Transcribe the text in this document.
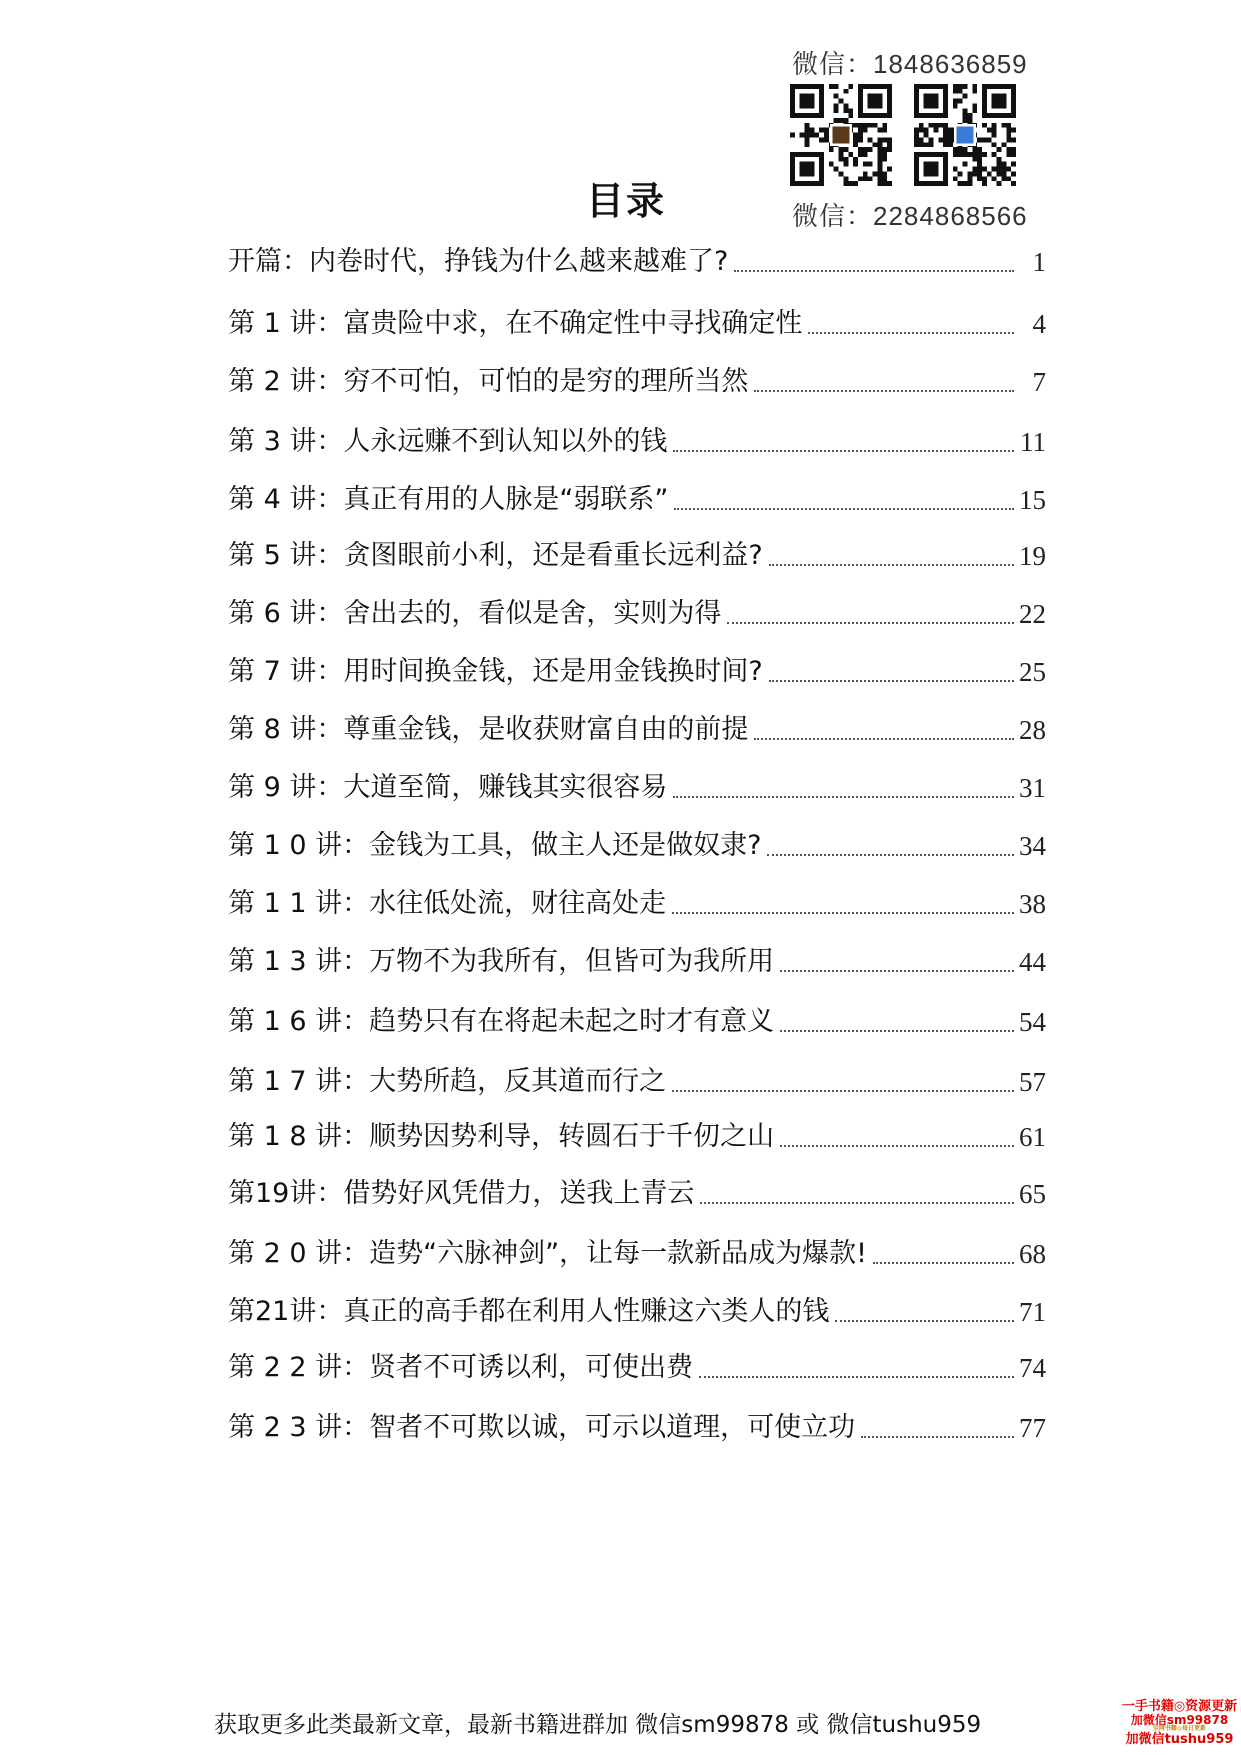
微信：1848636859
微信：2284868566
目录
开篇：内卷时代，挣钱为什么越来越难了?	1
第 1 讲：富贵险中求，在不确定性中寻找确定性	4
第 2 讲：穷不可怕，可怕的是穷的理所当然	7
第 3 讲：人永远赚不到认知以外的钱	11
第 4 讲：真正有用的人脉是“弱联系”	15
第 5 讲：贪图眼前小利，还是看重长远利益?	19
第 6 讲：舍出去的，看似是舍，实则为得	22
第 7 讲：用时间换金钱，还是用金钱换时间?	25
第 8 讲：尊重金钱，是收获财富自由的前提	28
第 9 讲：大道至简，赚钱其实很容易	31
第 1 0 讲：金钱为工具，做主人还是做奴隶?	34
第 1 1 讲：水往低处流，财往高处走	38
第 1 3 讲：万物不为我所有，但皆可为我所用	44
第 1 6 讲：趋势只有在将起未起之时才有意义	54
第 1 7 讲：大势所趋，反其道而行之	57
第 1 8 讲：顺势因势利导，转圆石于千仞之山	61
第19讲：借势好风凭借力，送我上青云	65
第 2 0 讲：造势“六脉神剑”，让每一款新品成为爆款!	68
第21讲：真正的高手都在利用人性赚这六类人的钱	71
第 2 2 讲：贤者不可诱以利，可使出费	74
第 2 3 讲：智者不可欺以诚，可示以道理，可使立功	77
获取更多此类最新文章，最新书籍进群加 微信sm99878 或 微信tushu959
一手书籍◎资源更新
加微信sm99878
全网书籍◎每日更新
加微信tushu959
